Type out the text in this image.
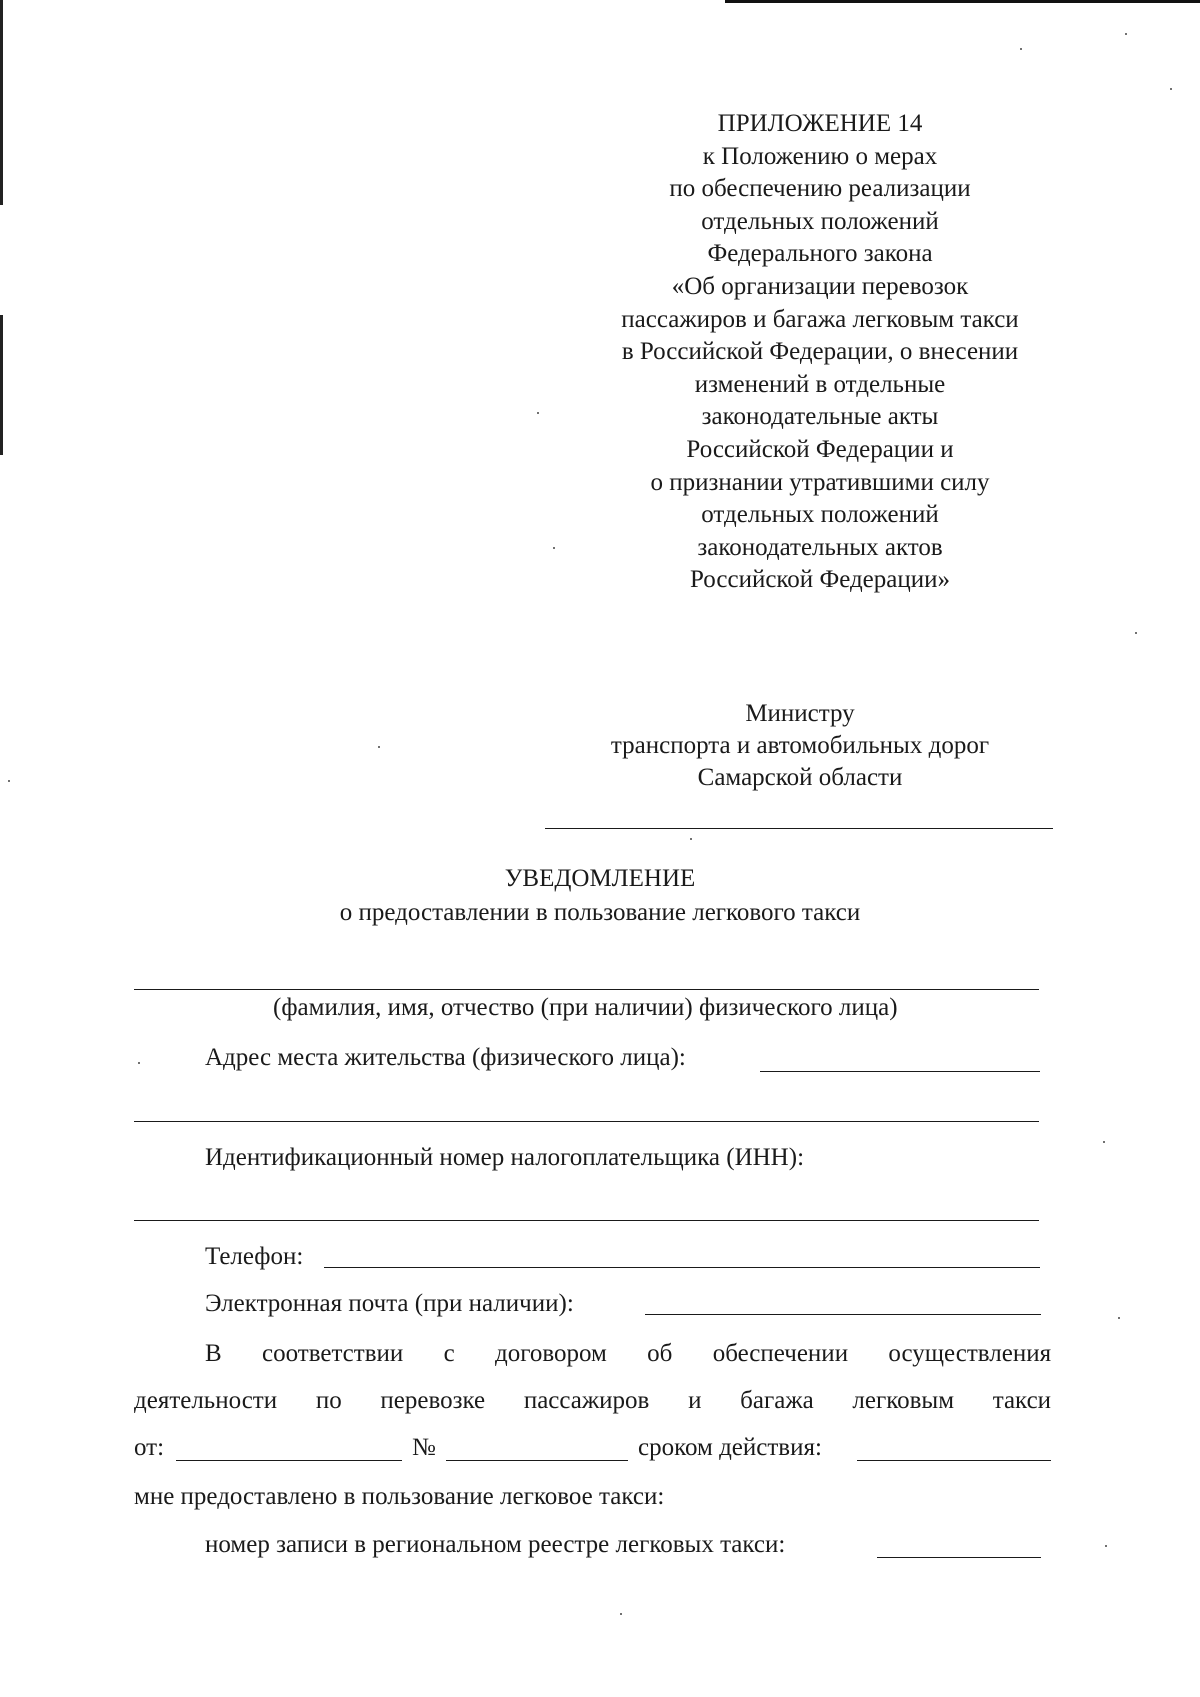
ПРИЛОЖЕНИЕ 14
к Положению о мерах
по обеспечению реализации
отдельных положений
Федерального закона
«Об организации перевозок
пассажиров и багажа легковым такси
в Российской Федерации, о внесении
изменений в отдельные
законодательные акты
Российской Федерации и
о признании утратившими силу
отдельных положений
законодательных актов
Российской Федерации»
Министру
транспорта и автомобильных дорог
Самарской области
УВЕДОМЛЕНИЕ
о предоставлении в пользование легкового такси
(фамилия, имя, отчество (при наличии) физического лица)
Адрес места жительства (физического лица):
Идентификационный номер налогоплательщика (ИНН):
Телефон:
Электронная почта (при наличии):
В соответствии с договором об обеспечении осуществления
деятельности по перевозке пассажиров и багажа легковым такси
от:	№	сроком действия:
мне предоставлено в пользование легковое такси:
номер записи в региональном реестре легковых такси:
